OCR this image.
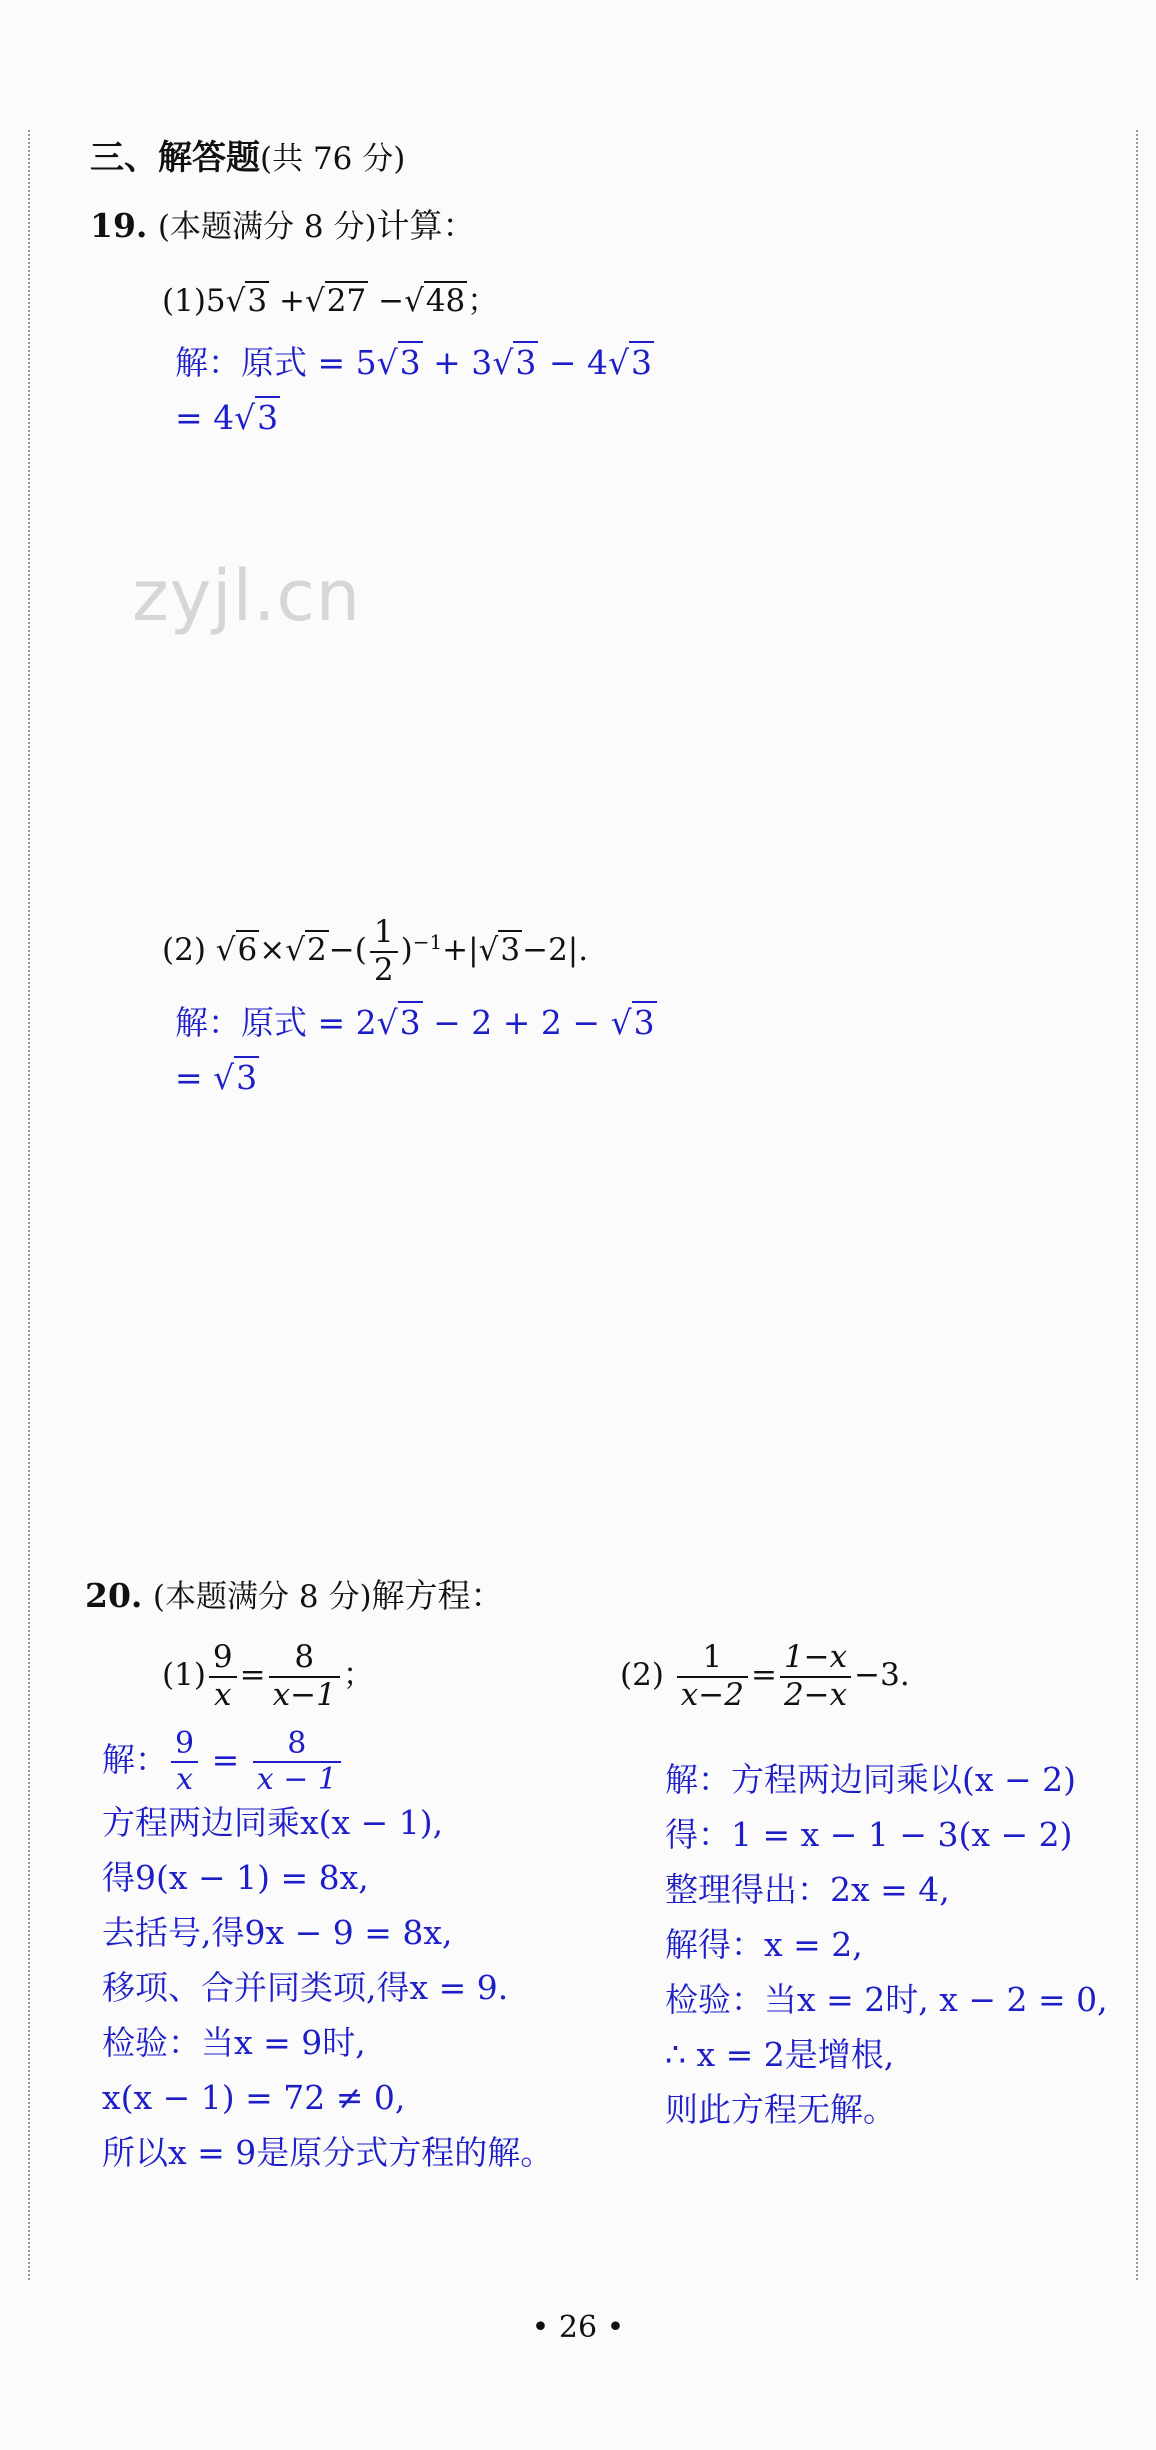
三、解答题(共 76 分)
19. (本题满分 8 分)计算：
(1)5√3 +√27 −√48；
解：原式 = 5√3 + 3√3 − 4√3
= 4√3
zyjl.cn
(2) $√6\times√2-( \frac{1}{2} )^{-1}+|√3-2|$.
解：原式 = 2√3 − 2 + 2 − √3
= √3
20. (本题满分 8 分)解方程：
$(1) \frac{9}{x} = \frac{8}{x-1}$ ；	$(2) \frac{1}{x-2} = \frac{1-x}{2-x} -3$.
解： $\frac{9}{x} = \frac{8}{x - 1}$
方程两边同乘x(x − 1),
得9(x − 1) = 8x,
去括号,得9x − 9 = 8x,
移项、合并同类项,得x = 9.
检验：当x = 9时,
x(x − 1) = 72 ≠ 0,
所以x = 9是原分式方程的解。
解：方程两边同乘以(x − 2)
得：1 = x − 1 − 3(x − 2)
整理得出：2x = 4,
解得：x = 2,
检验：当x = 2时, x − 2 = 0,
∴ x = 2是增根,
则此方程无解。
• 26 •
